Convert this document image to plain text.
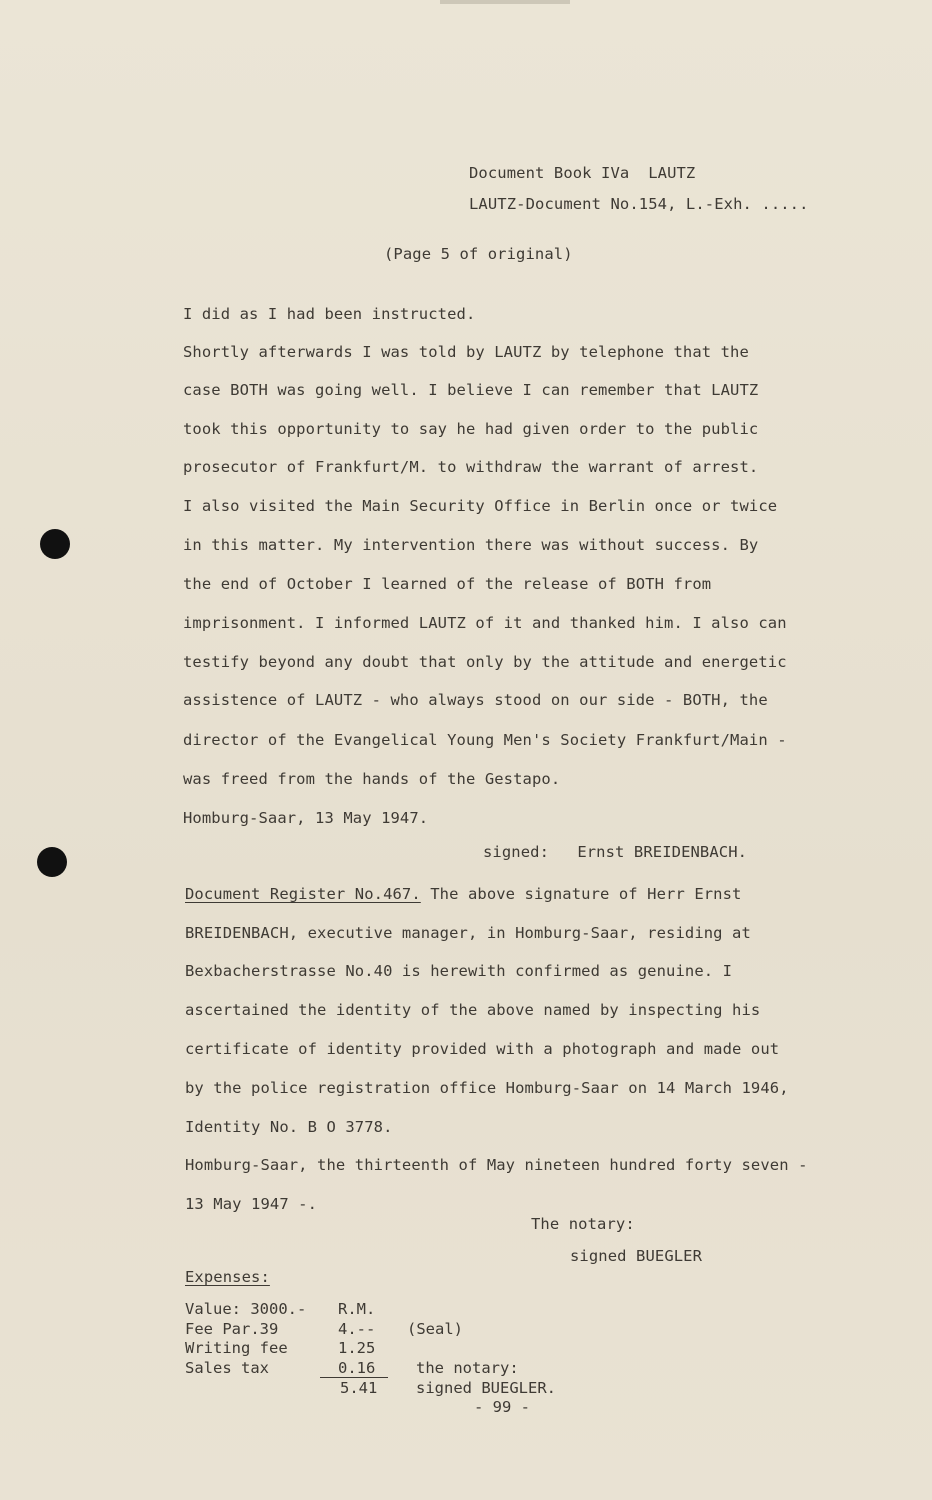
Document Book IVa  LAUTZ
LAUTZ-Document No.154, L.-Exh. .....
(Page 5 of original)
I did as I had been instructed.
Shortly afterwards I was told by LAUTZ by telephone that the
case BOTH was going well. I believe I can remember that LAUTZ
took this opportunity to say he had given order to the public
prosecutor of Frankfurt/M. to withdraw the warrant of arrest.
I also visited the Main Security Office in Berlin once or twice
in this matter. My intervention there was without success. By
the end of October I learned of the release of BOTH from
imprisonment. I informed LAUTZ of it and thanked him. I also can
testify beyond any doubt that only by the attitude and energetic
assistence of LAUTZ - who always stood on our side - BOTH, the
director of the Evangelical Young Men's Society Frankfurt/Main -
was freed from the hands of the Gestapo.
Homburg-Saar, 13 May 1947.
signed:   Ernst BREIDENBACH.
Document Register No.467. The above signature of Herr Ernst
BREIDENBACH, executive manager, in Homburg-Saar, residing at
Bexbacherstrasse No.40 is herewith confirmed as genuine. I
ascertained the identity of the above named by inspecting his
certificate of identity provided with a photograph and made out
by the police registration office Homburg-Saar on 14 March 1946,
Identity No. B O 3778.
Homburg-Saar, the thirteenth of May nineteen hundred forty seven -
13 May 1947 -.
The notary:
signed BUEGLER
Expenses:
Value: 3000.- R.M.
Fee Par.39	4.-- (Seal)
Writing fee	1.25
Sales tax	0.16	the notary:
5.41 signed BUEGLER.
- 99 -
